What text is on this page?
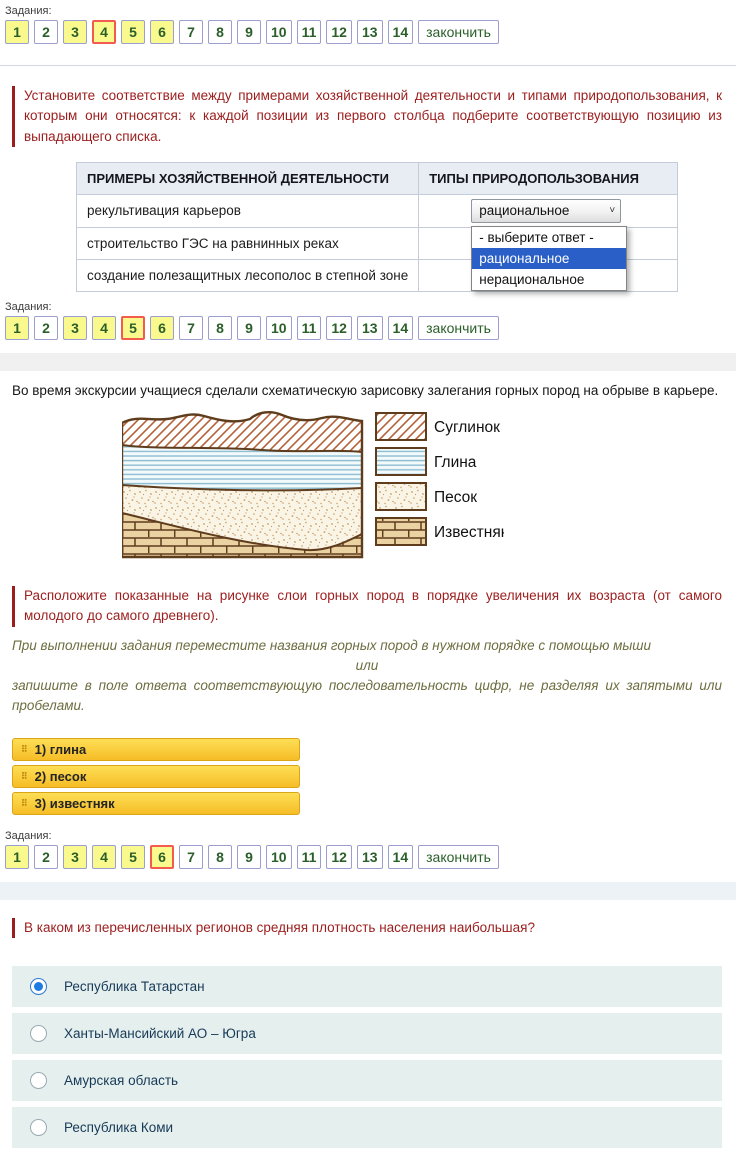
Задания:
1	2	3	4	5	6	7	8	9	10	11	12	13	14	закончить
Установите соответствие между примерами хозяйственной деятельности и типами природопользования, к которым они относятся: к каждой позиции из первого столбца подберите соответствующую позицию из выпадающего списка.
ПРИМЕРЫ ХОЗЯЙСТВЕННОЙ ДЕЯТЕЛЬНОСТИ	ТИПЫ ПРИРОДОПОЛЬЗОВАНИЯ
рекультивация карьеров	рациональное ˅
- выберите ответ -
рациональное
нерациональное

строительство ГЭС на равнинных реках	
создание полезащитных лесополос в степной зоне	
Задания:
1	2	3	4	5	6	7	8	9	10	11	12	13	14	закончить
Во время экскурсии учащиеся сделали схематическую зарисовку залегания горных пород на обрыве в карьере.
Суглинок
Глина
Песок
Известняк
Расположите показанные на рисунке слои горных пород в порядке увеличения их возраста (от самого молодого до самого древнего).
При выполнении задания переместите названия горных пород в нужном порядке с помощью мыши
или
запишите в поле ответа соответствующую последовательность цифр, не разделяя их запятыми или пробелами.
⠿ 1) глина
⠿ 2) песок
⠿ 3) известняк
Задания:
1	2	3	4	5	6	7	8	9	10	11	12	13	14	закончить
В каком из перечисленных регионов средняя плотность населения наибольшая?
Республика Татарстан
Ханты-Мансийский АО – Югра
Амурская область
Республика Коми
